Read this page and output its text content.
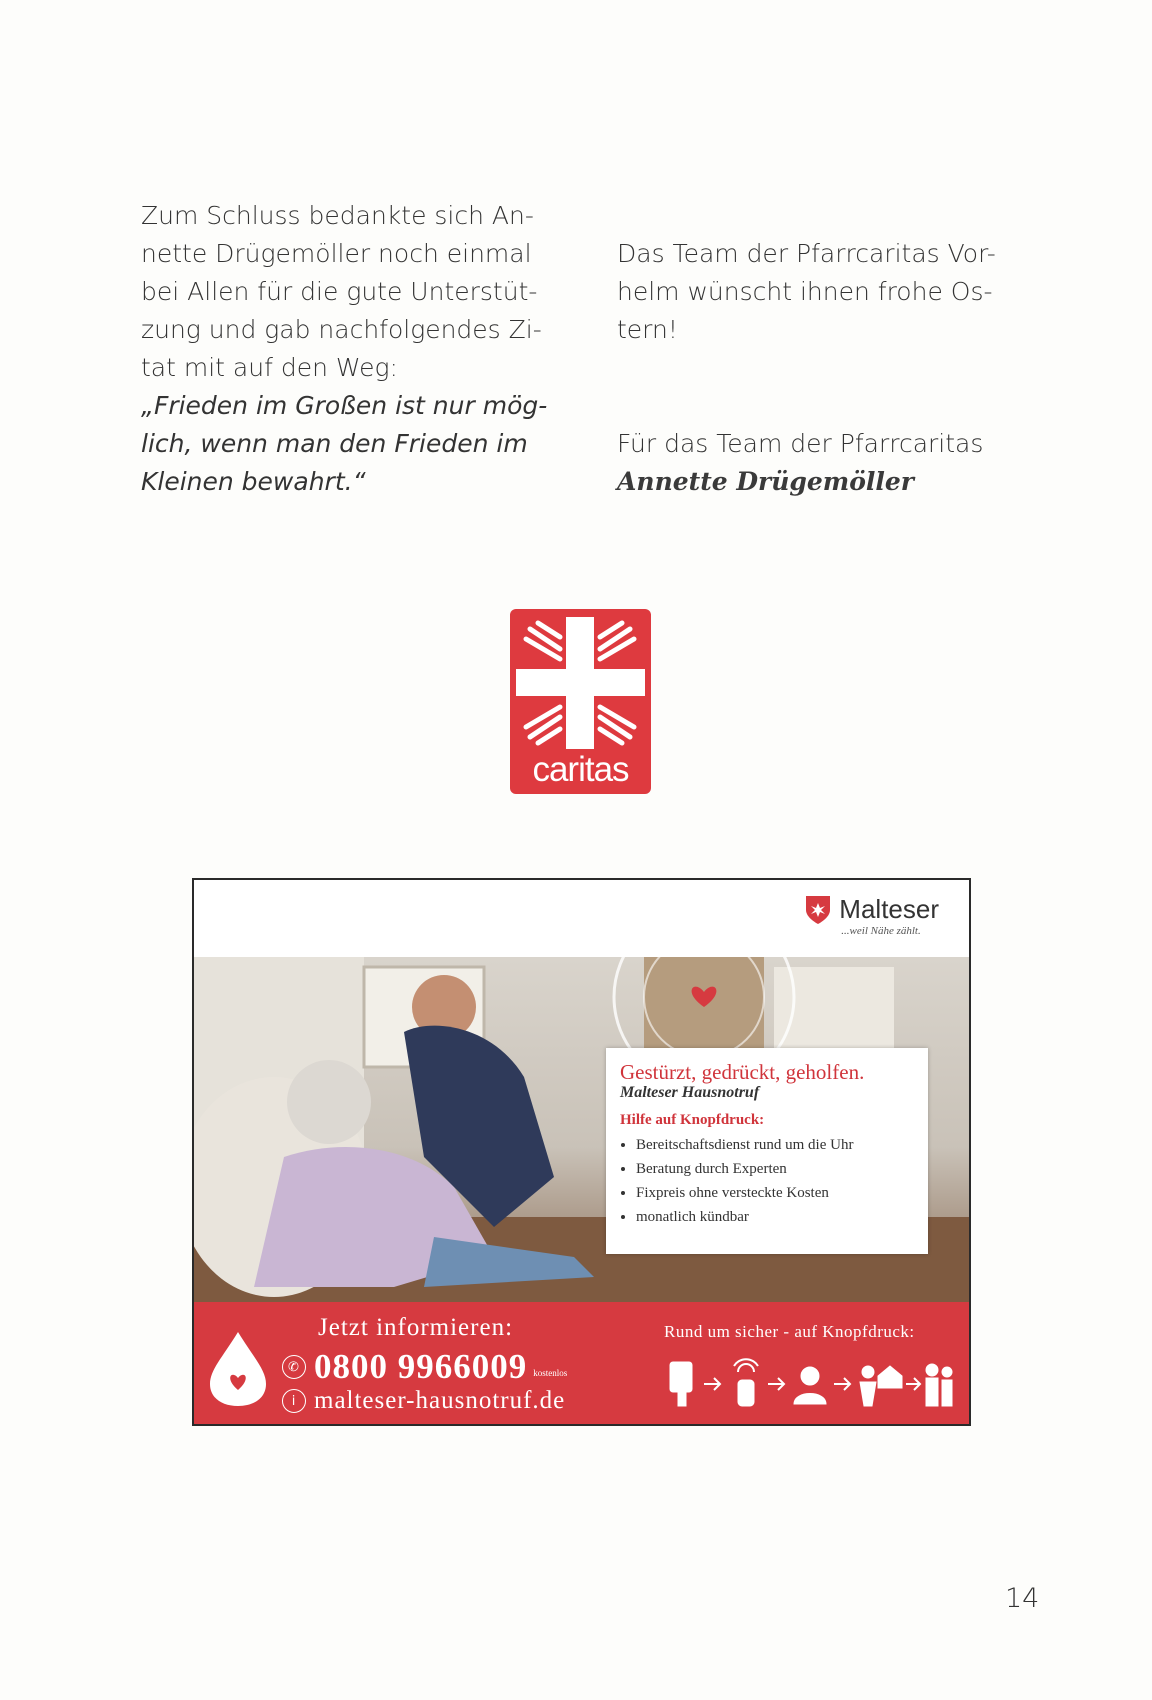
Zum Schluss bedankte sich An-
nette Drügemöller noch einmal
bei Allen für die gute Unterstüt-
zung und gab nachfolgendes Zi-
tat mit auf den Weg:

„Frieden im Großen ist nur mög-
lich, wenn man den Frieden im
Kleinen bewahrt.“

Das Team der Pfarrcaritas Vor-
helm wünscht ihnen frohe Os-
tern!

Für das Team der Pfarrcaritas

Annette Drügemöller

caritas
Malteser
...weil Nähe zählt.
Gestürzt, gedrückt, geholfen.
Malteser Hausnotruf
Hilfe auf Knopfdruck:
• Bereitschaftsdienst rund um die Uhr
• Beratung durch Experten
• Fixpreis ohne versteckte Kosten
• monatlich kündbar
Jetzt informieren:
✆ 0800 9966009 kostenlos
i malteser-hausnotruf.de
Rund um sicher - auf Knopfdruck:
14
